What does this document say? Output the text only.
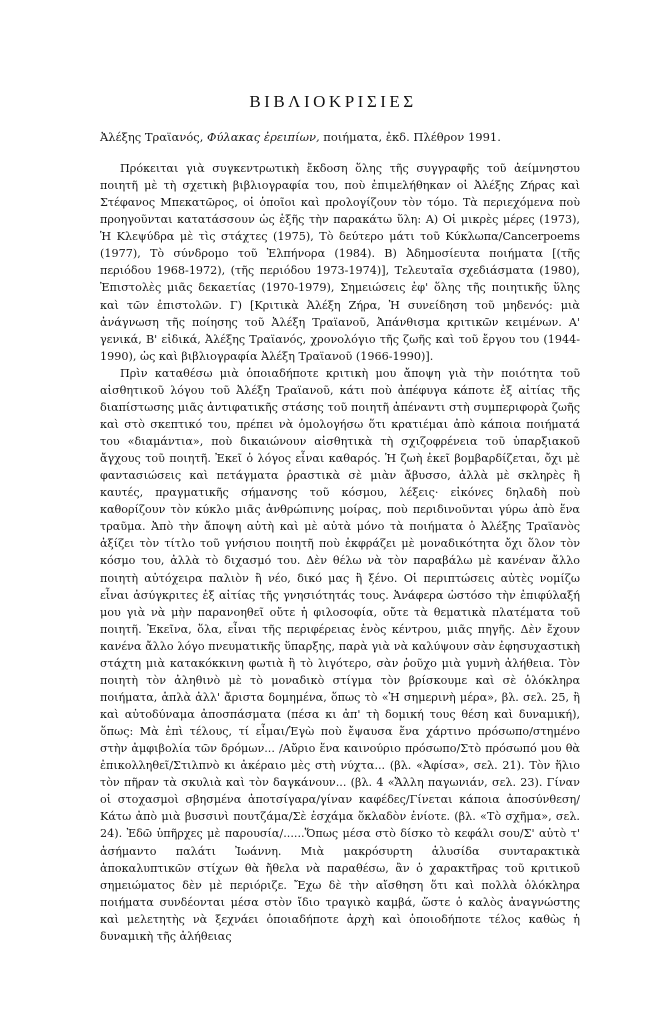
ΒΙΒΛΙΟΚΡΙΣΙΕΣ
Ἀλέξης Τραϊανός, Φύλακας ἐρειπίων, ποιήματα, ἐκδ. Πλέθρον 1991.

Πρόκειται γιὰ συγκεντρωτικὴ ἔκδοση ὅλης τῆς συγγραφῆς τοῦ ἀείμνηστου ποιητῆ μὲ τὴ σχετικὴ βιβλιογραφία του, ποὺ ἐπιμελήθηκαν οἱ Ἀλέξης Ζήρας καὶ Στέφανος Μπεκατῶρος, οἱ ὁποῖοι καὶ προλογίζουν τὸν τόμο. Τὰ περιεχόμενα ποὺ προηγοῦνται κατατάσσουν ὡς ἑξῆς τὴν παρακάτω ὕλη: Α) Οἱ μικρὲς μέρες (1973), Ἡ Κλεψύδρα μὲ τὶς στάχτες (1975), Τὸ δεύτερο μάτι τοῦ Κύκλωπα/Cancerpoems (1977), Τὸ σύνδρομο τοῦ Ἐλπήνορα (1984). Β) Ἀδημοσίευτα ποιήματα [(τῆς περιόδου 1968-1972), (τῆς περιόδου 1973-1974)], Τελευταῖα σχεδιάσματα (1980), Ἐπιστολὲς μιᾶς δεκαετίας (1970-1979), Σημειώσεις ἐφ' ὅλης τῆς ποιητικῆς ὕλης καὶ τῶν ἐπιστολῶν. Γ) [Κριτικὰ Ἀλέξη Ζήρα, Ἡ συνείδηση τοῦ μηδενός: μιὰ ἀνάγνωση τῆς ποίησης τοῦ Ἀλέξη Τραϊανοῦ, Ἀπάνθισμα κριτικῶν κειμένων. Α' γενικά, Β' εἰδικά, Ἀλέξης Τραϊανός, χρονολόγιο τῆς ζωῆς καὶ τοῦ ἔργου του (1944-1990), ὡς καὶ βιβλιογραφία Ἀλέξη Τραϊανοῦ (1966-1990)].

Πρὶν καταθέσω μιὰ ὁποιαδήποτε κριτικὴ μου ἄποψη γιὰ τὴν ποιότητα τοῦ αἰσθητικοῦ λόγου τοῦ Ἀλέξη Τραϊανοῦ, κάτι ποὺ ἀπέφυγα κάποτε ἐξ αἰτίας τῆς διαπίστωσης μιᾶς ἀντιφατικῆς στάσης τοῦ ποιητῆ ἀπέναντι στὴ συμπεριφορὰ ζωῆς καὶ στὸ σκεπτικό του, πρέπει νὰ ὁμολογήσω ὅτι κρατιέμαι ἀπὸ κάποια ποιήματά του «διαμάντια», ποὺ δικαιώνουν αἰσθητικὰ τὴ σχιζοφρένεια τοῦ ὑπαρξιακοῦ ἄγχους τοῦ ποιητῆ. Ἐκεῖ ὁ λόγος εἶναι καθαρός. Ἡ ζωὴ ἐκεῖ βομβαρδίζεται, ὄχι μὲ φαντασιώσεις καὶ πετάγματα ῥραστικὰ σὲ μιὰν ἄβυσσο, ἀλλὰ μὲ σκληρὲς ἢ καυτές, πραγματικῆς σήμανσης τοῦ κόσμου, λέξεις· εἰκόνες δηλαδὴ ποὺ καθορίζουν τὸν κύκλο μιᾶς ἀνθρώπινης μοίρας, ποὺ περιδινοῦνται γύρω ἀπὸ ἕνα τραῦμα. Ἀπὸ τὴν ἄποψη αὐτὴ καὶ μὲ αὐτὰ μόνο τὰ ποιήματα ὁ Ἀλέξης Τραϊανὸς ἀξίζει τὸν τίτλο τοῦ γνήσιου ποιητῆ ποὺ ἐκφράζει μὲ μοναδικότητα ὄχι ὅλον τὸν κόσμο του, ἀλλὰ τὸ διχασμό του. Δὲν θέλω νὰ τὸν παραβάλω μὲ κανέναν ἄλλο ποιητὴ αὐτόχειρα παλιὸν ἢ νέο, δικό μας ἢ ξένο. Οἱ περιπτώσεις αὐτὲς νομίζω εἶναι ἀσύγκριτες ἐξ αἰτίας τῆς γνησιότητάς τους. Ἀνάφερα ὡστόσο τὴν ἐπιφύλαξή μου γιὰ νὰ μὴν παρανοηθεῖ οὔτε ἡ φιλοσοφία, οὔτε τὰ θεματικὰ πλατέματα τοῦ ποιητῆ. Ἐκεῖνα, ὅλα, εἶναι τῆς περιφέρειας ἑνὸς κέντρου, μιᾶς πηγῆς. Δὲν ἔχουν κανένα ἄλλο λόγο πνευματικῆς ὕπαρξης, παρὰ γιὰ νὰ καλύψουν σὰν ἐφησυχαστικὴ στάχτη μιὰ κατακόκκινη φωτιὰ ἢ τὸ λιγότερο, σὰν ῥοῦχο μιὰ γυμνὴ ἀλήθεια. Τὸν ποιητὴ τὸν ἀληθινὸ μὲ τὸ μοναδικὸ στίγμα τὸν βρίσκουμε καὶ σὲ ὁλόκληρα ποιήματα, ἁπλὰ ἀλλ' ἄριστα δομημένα, ὅπως τὸ «Ἡ σημερινὴ μέρα», βλ. σελ. 25, ἢ καὶ αὐτοδύναμα ἀποσπάσματα (πέσα κι ἀπ' τὴ δομική τους θέση καὶ δυναμική), ὅπως: Μὰ ἐπὶ τέλους, τί εἶμαι/Ἐγὼ ποὺ ἔψαυσα ἕνα χάρτινο πρόσωπο/στημένο στὴν ἀμφιβολία τῶν δρόμων... /Αὔριο ἕνα καινούριο πρόσωπο/Στὸ πρόσωπό μου θὰ ἐπικολληθεῖ/Στιλπνὸ κι ἀκέραιο μὲς στὴ νύχτα... (βλ. «Ἀφίσα», σελ. 21). Τὸν ἥλιο τὸν πῆραν τὰ σκυλιὰ καὶ τὸν δαγκάνουν... (βλ. 4 «Ἄλλη παγωνιάν, σελ. 23). Γίναν οἱ στοχασμοὶ σβησμένα ἀποτσίγαρα/γίναν καφέδες/Γίνεται κάποια ἀποσύνθεση/Κάτω ἀπὸ μιὰ βυσσινὶ πουτζάμα/Σὲ ἐσχάμα ὅκλαδὸν ἐνίοτε. (βλ. «Τὸ σχῆμα», σελ. 24). Ἐδῶ ὑπῆρχες μὲ παρουσία/......Ὅπως μέσα στὸ δίσκο τὸ κεφάλι σου/Σ' αὐτὸ τ' ἀσήμαντο παλάτι Ἰωάννη. Μιὰ μακρόσυρτη ἁλυσίδα συνταρακτικὰ ἀποκαλυπτικῶν στίχων θὰ ἤθελα νὰ παραθέσω, ἂν ὁ χαρακτῆρας τοῦ κριτικοῦ σημειώματος δὲν μὲ περιόριζε. Ἔχω δὲ τὴν αἴσθηση ὅτι καὶ πολλὰ ὁλόκληρα ποιήματα συνδέονται μέσα στὸν ἴδιο τραγικὸ καμβά, ὥστε ὁ καλὸς ἀναγνώστης καὶ μελετητὴς νὰ ξεχνάει ὁποιαδήποτε ἀρχὴ καὶ ὁποιοδήποτε τέλος καθὼς ἡ δυναμικὴ τῆς ἀλήθειας
